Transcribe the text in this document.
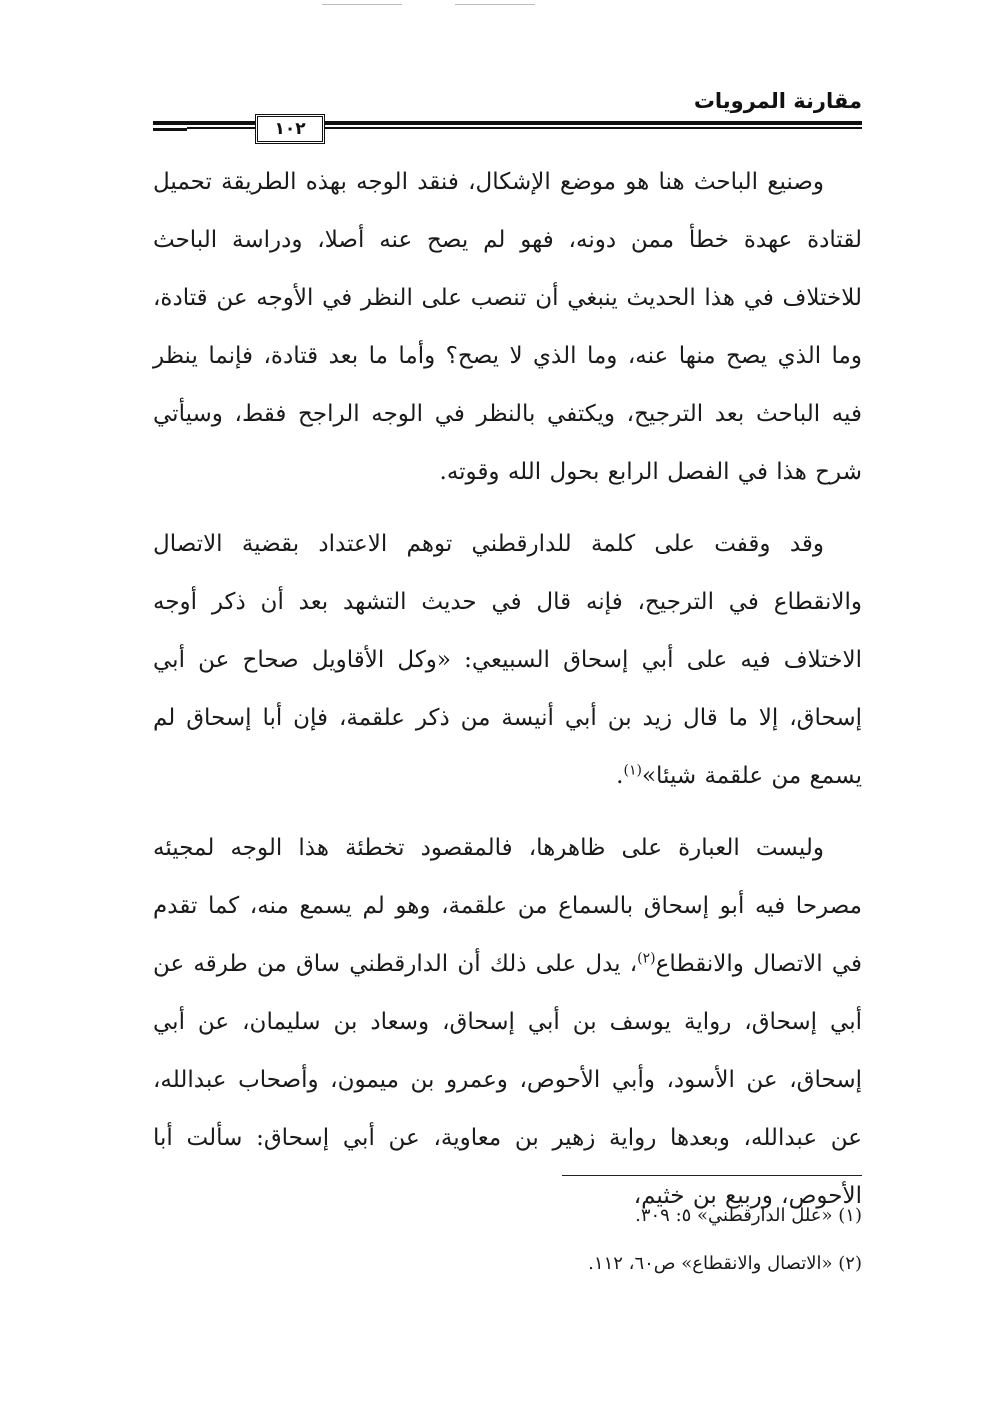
مقارنة المرويات
١٠٢

وصنيع الباحث هنا هو موضع الإشكال، فنقد الوجه بهذه الطريقة تحميل لقتادة عهدة خطأ ممن دونه، فهو لم يصح عنه أصلا، ودراسة الباحث للاختلاف في هذا الحديث ينبغي أن تنصب على النظر في الأوجه عن قتادة، وما الذي يصح منها عنه، وما الذي لا يصح؟ وأما ما بعد قتادة، فإنما ينظر فيه الباحث بعد الترجيح، ويكتفي بالنظر في الوجه الراجح فقط، وسيأتي شرح هذا في الفصل الرابع بحول الله وقوته.

وقد وقفت على كلمة للدارقطني توهم الاعتداد بقضية الاتصال والانقطاع في الترجيح، فإنه قال في حديث التشهد بعد أن ذكر أوجه الاختلاف فيه على أبي إسحاق السبيعي: «وكل الأقاويل صحاح عن أبي إسحاق، إلا ما قال زيد بن أبي أنيسة من ذكر علقمة، فإن أبا إسحاق لم يسمع من علقمة شيئا»$^{(١)}$.

وليست العبارة على ظاهرها، فالمقصود تخطئة هذا الوجه لمجيئه مصرحا فيه أبو إسحاق بالسماع من علقمة، وهو لم يسمع منه، كما تقدم في الاتصال والانقطاع$^{(٢)}$، يدل على ذلك أن الدارقطني ساق من طرقه عن أبي إسحاق، رواية يوسف بن أبي إسحاق، وسعاد بن سليمان، عن أبي إسحاق، عن الأسود، وأبي الأحوص، وعمرو بن ميمون، وأصحاب عبدالله، عن عبدالله، وبعدها رواية زهير بن معاوية، عن أبي إسحاق: سألت أبا الأحوص، وربيع بن خثيم،

(١) «علل الدارقطني» ٥: ٣٠٩.

(٢) «الاتصال والانقطاع» ص٦٠، ١١٢.
